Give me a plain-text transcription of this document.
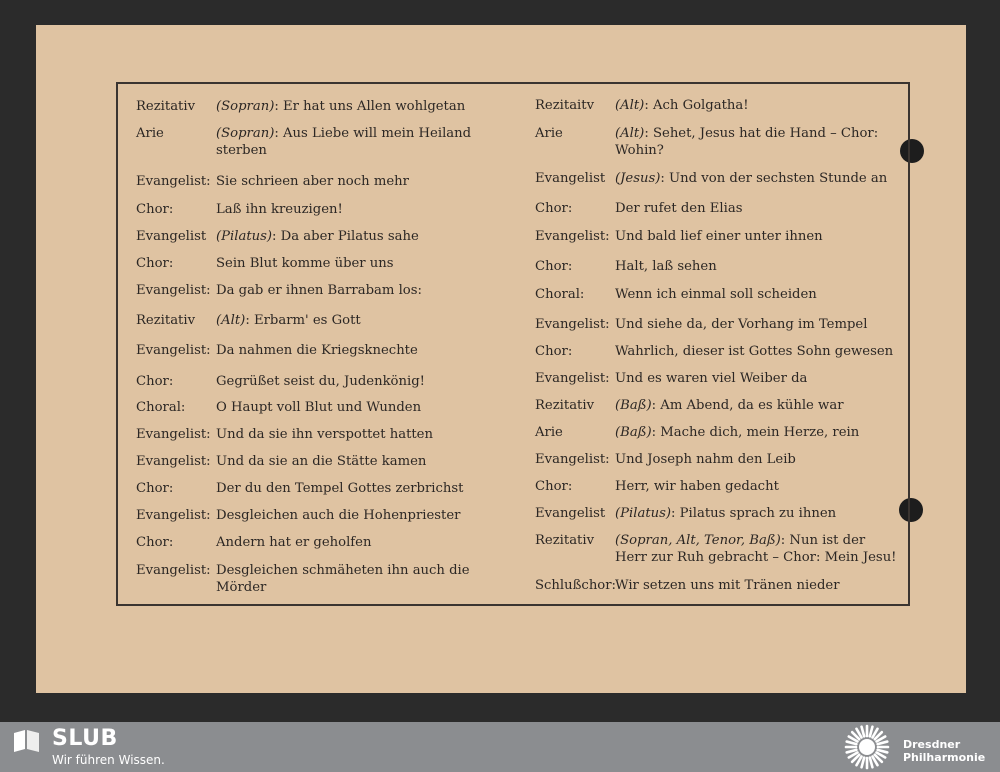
Rezitativ (Sopran): Er hat uns Allen wohlgetan
Arie	(Sopran): Aus Liebe will mein Heiland sterben
Evangelist: Sie schrieen aber noch mehr
Chor:	Laß ihn kreuzigen!
Evangelist (Pilatus): Da aber Pilatus sahe
Chor:	Sein Blut komme über uns
Evangelist: Da gab er ihnen Barrabam los:
Rezitativ (Alt): Erbarm' es Gott
Evangelist: Da nahmen die Kriegsknechte
Chor:	Gegrüßet seist du, Judenkönig!
Choral: O Haupt voll Blut und Wunden
Evangelist: Und da sie ihn verspottet hatten
Evangelist: Und da sie an die Stätte kamen
Chor:	Der du den Tempel Gottes zerbrichst
Evangelist: Desgleichen auch die Hohenpriester
Chor:	Andern hat er geholfen
Evangelist: Desgleichen schmäheten ihn auch die Mörder
Rezitaitv (Alt): Ach Golgatha!
Arie	(Alt): Sehet, Jesus hat die Hand – Chor: Wohin?
Evangelist (Jesus): Und von der sechsten Stunde an
Chor:	Der rufet den Elias
Evangelist: Und bald lief einer unter ihnen
Chor:	Halt, laß sehen
Choral: Wenn ich einmal soll scheiden
Evangelist: Und siehe da, der Vorhang im Tempel
Chor:	Wahrlich, dieser ist Gottes Sohn gewesen
Evangelist: Und es waren viel Weiber da
Rezitativ (Baß): Am Abend, da es kühle war
Arie	(Baß): Mache dich, mein Herze, rein
Evangelist: Und Joseph nahm den Leib
Chor:	Herr, wir haben gedacht
Evangelist (Pilatus): Pilatus sprach zu ihnen
Rezitativ (Sopran, Alt, Tenor, Baß): Nun ist der Herr zur Ruh gebracht – Chor: Mein Jesu!
Schlußchor: Wir setzen uns mit Tränen nieder
SLUB
Wir führen Wissen.
Dresdner
Philharmonie
